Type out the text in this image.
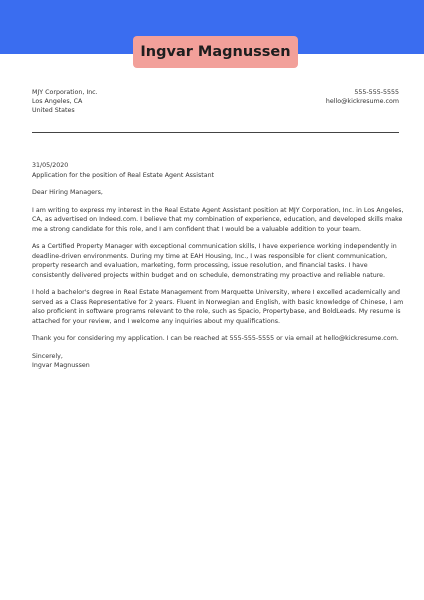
Ingvar Magnussen
MJY Corporation, Inc.
Los Angeles, CA
United States
555-555-5555
hello@kickresume.com

31/05/2020

Application for the position of Real Estate Agent Assistant

Dear Hiring Managers,

I am writing to express my interest in the Real Estate Agent Assistant position at MJY Corporation, Inc. in Los Angeles, CA, as advertised on Indeed.com. I believe that my combination of experience, education, and developed skills make me a strong candidate for this role, and I am confident that I would be a valuable addition to your team.

As a Certified Property Manager with exceptional communication skills, I have experience working independently in deadline-driven environments. During my time at EAH Housing, Inc., I was responsible for client communication, property research and evaluation, marketing, form processing, issue resolution, and financial tasks. I have consistently delivered projects within budget and on schedule, demonstrating my proactive and reliable nature.

I hold a bachelor's degree in Real Estate Management from Marquette University, where I excelled academically and served as a Class Representative for 2 years. Fluent in Norwegian and English, with basic knowledge of Chinese, I am also proficient in software programs relevant to the role, such as Spacio, Propertybase, and BoldLeads. My resume is attached for your review, and I welcome any inquiries about my qualifications.

Thank you for considering my application. I can be reached at 555-555-5555 or via email at hello@kickresume.com.

Sincerely,

Ingvar Magnussen
